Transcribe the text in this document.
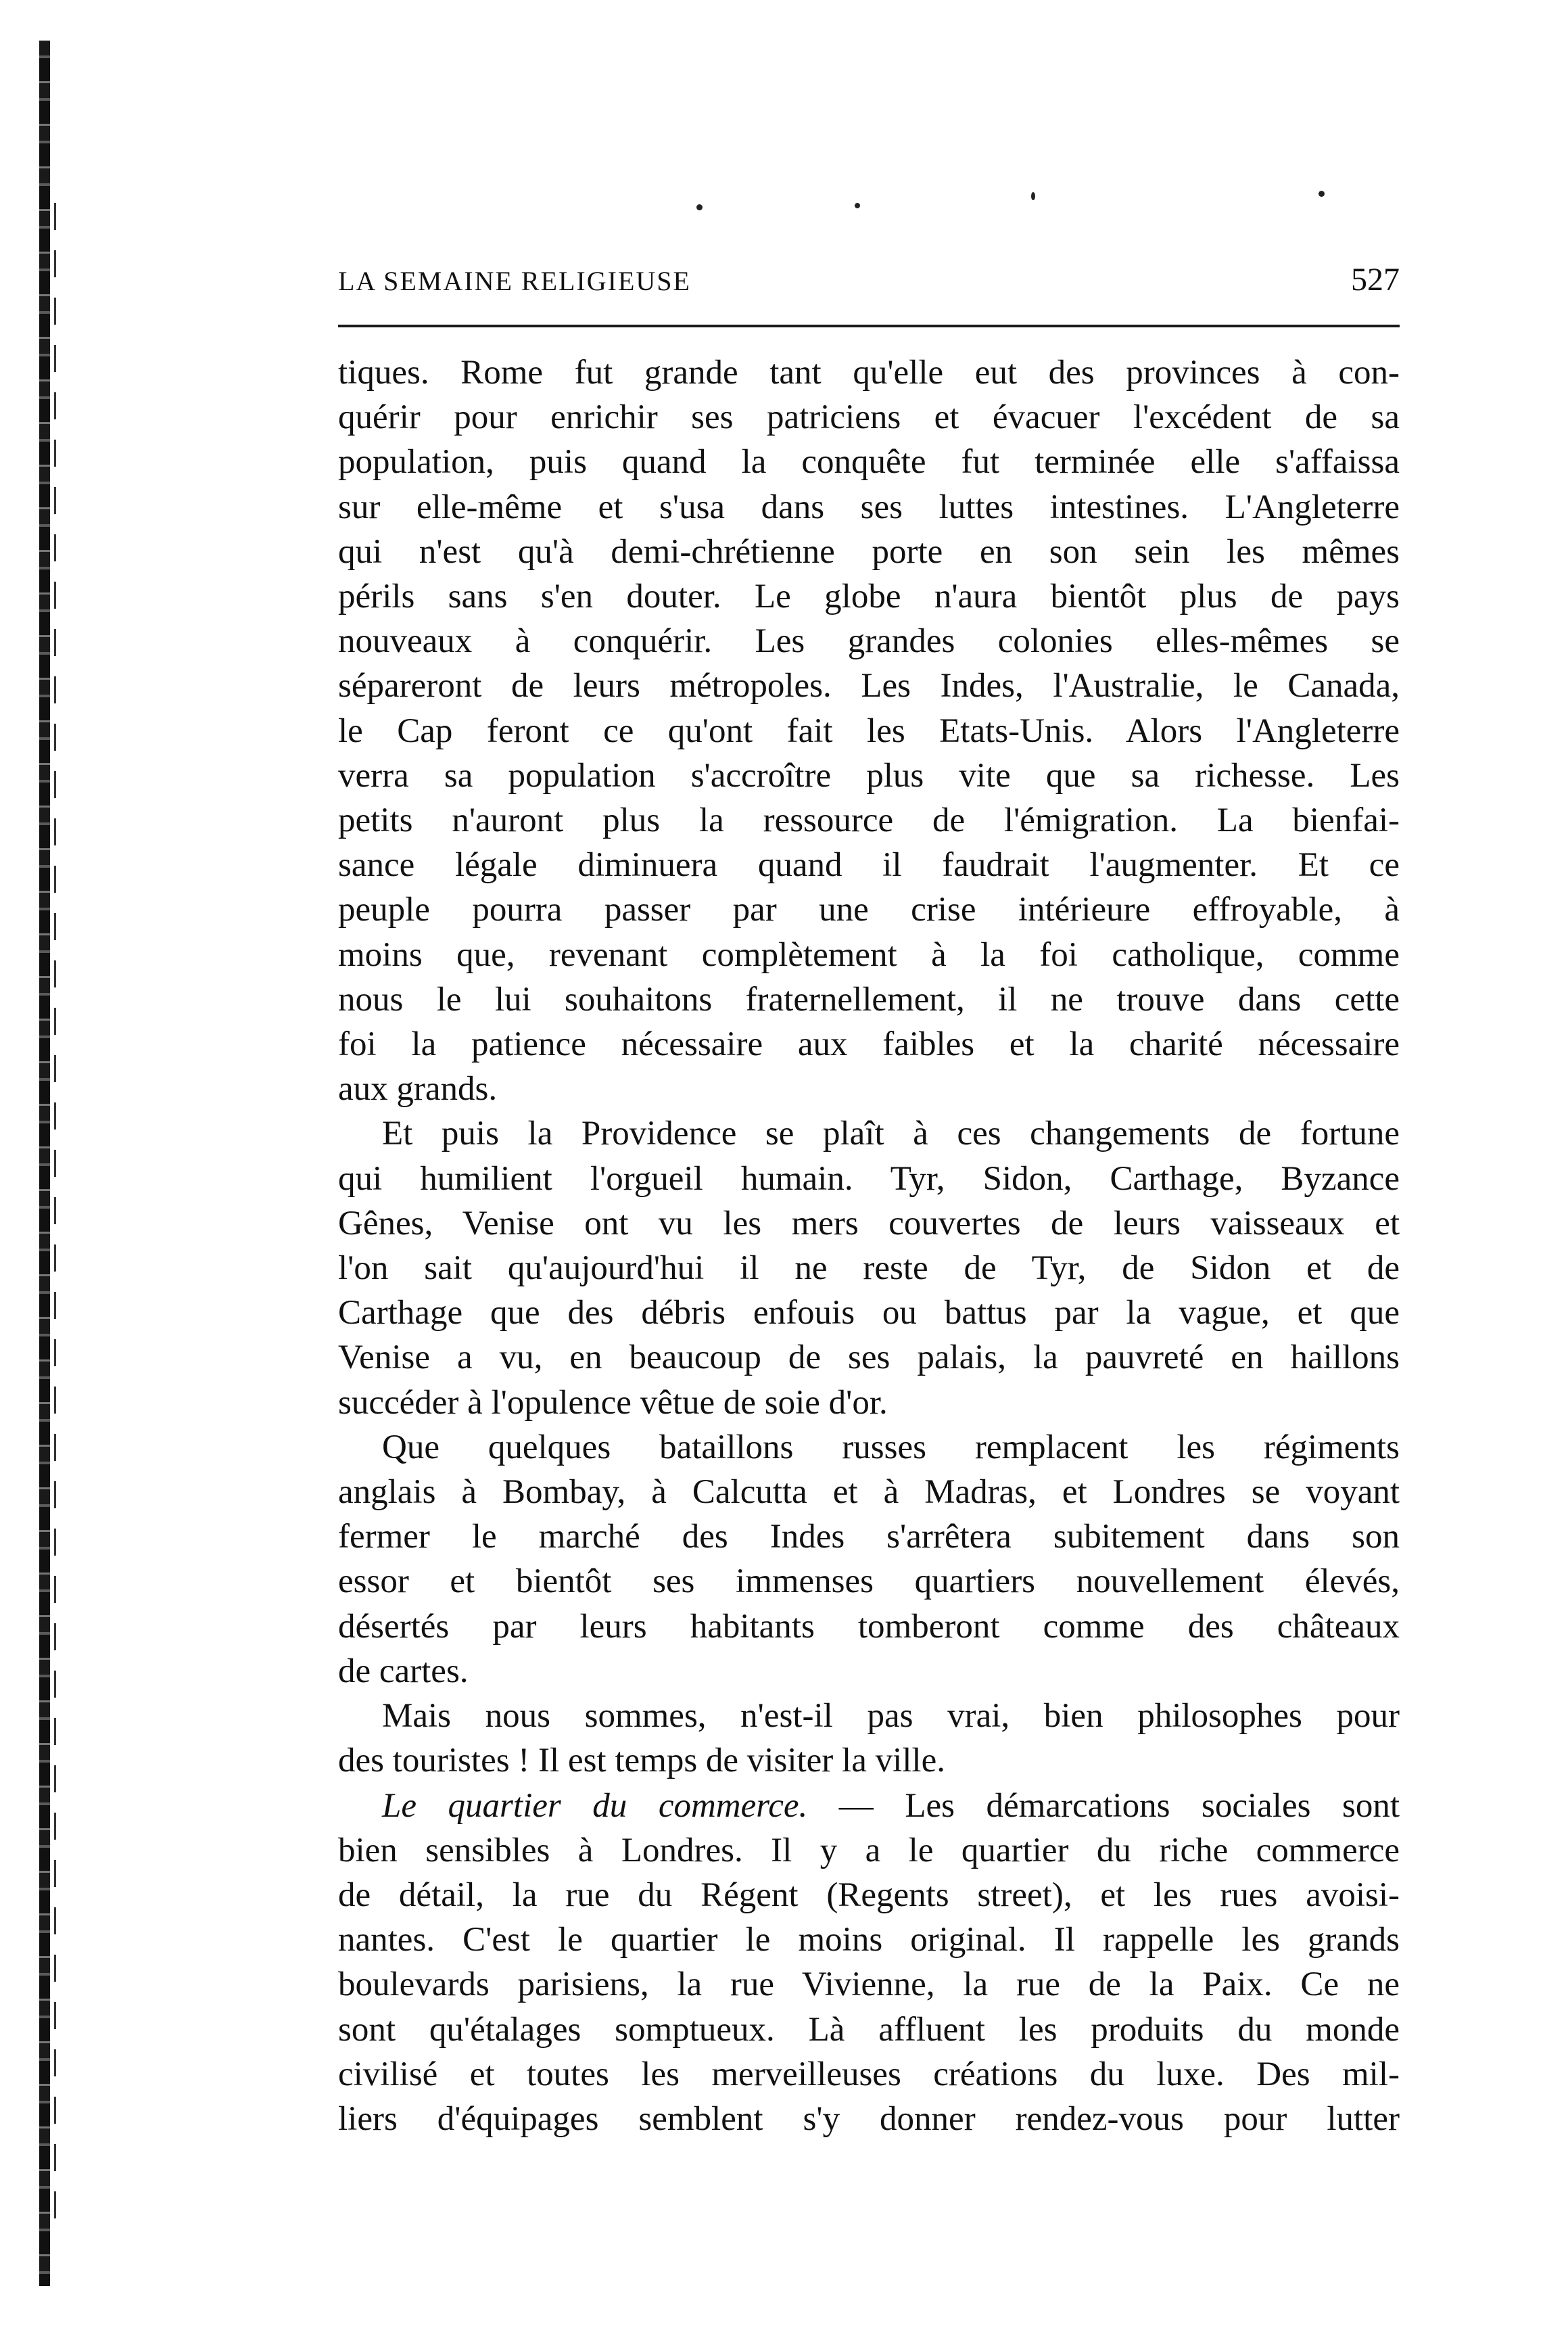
LA SEMAINE RELIGIEUSE	527
tiques. Rome fut grande tant qu'elle eut des provinces à con-
quérir pour enrichir ses patriciens et évacuer l'excédent de sa
population, puis quand la conquête fut terminée elle s'affaissa
sur elle-même et s'usa dans ses luttes intestines. L'Angleterre
qui n'est qu'à demi-chrétienne porte en son sein les mêmes
périls sans s'en douter. Le globe n'aura bientôt plus de pays
nouveaux à conquérir. Les grandes colonies elles-mêmes se
sépareront de leurs métropoles. Les Indes, l'Australie, le Canada,
le Cap feront ce qu'ont fait les Etats-Unis. Alors l'Angleterre
verra sa population s'accroître plus vite que sa richesse. Les
petits n'auront plus la ressource de l'émigration. La bienfai-
sance légale diminuera quand il faudrait l'augmenter. Et ce
peuple pourra passer par une crise intérieure effroyable, à
moins que, revenant complètement à la foi catholique, comme
nous le lui souhaitons fraternellement, il ne trouve dans cette
foi la patience nécessaire aux faibles et la charité nécessaire
aux grands.
Et puis la Providence se plaît à ces changements de fortune
qui humilient l'orgueil humain. Tyr, Sidon, Carthage, Byzance
Gênes, Venise ont vu les mers couvertes de leurs vaisseaux et
l'on sait qu'aujourd'hui il ne reste de Tyr, de Sidon et de
Carthage que des débris enfouis ou battus par la vague, et que
Venise a vu, en beaucoup de ses palais, la pauvreté en haillons
succéder à l'opulence vêtue de soie d'or.
Que quelques bataillons russes remplacent les régiments
anglais à Bombay, à Calcutta et à Madras, et Londres se voyant
fermer le marché des Indes s'arrêtera subitement dans son
essor et bientôt ses immenses quartiers nouvellement élevés,
désertés par leurs habitants tomberont comme des châteaux
de cartes.
Mais nous sommes, n'est-il pas vrai, bien philosophes pour
des touristes ! Il est temps de visiter la ville.
Le quartier du commerce. — Les démarcations sociales sont
bien sensibles à Londres. Il y a le quartier du riche commerce
de détail, la rue du Régent (Regents street), et les rues avoisi-
nantes. C'est le quartier le moins original. Il rappelle les grands
boulevards parisiens, la rue Vivienne, la rue de la Paix. Ce ne
sont qu'étalages somptueux. Là affluent les produits du monde
civilisé et toutes les merveilleuses créations du luxe. Des mil-
liers d'équipages semblent s'y donner rendez-vous pour lutter
